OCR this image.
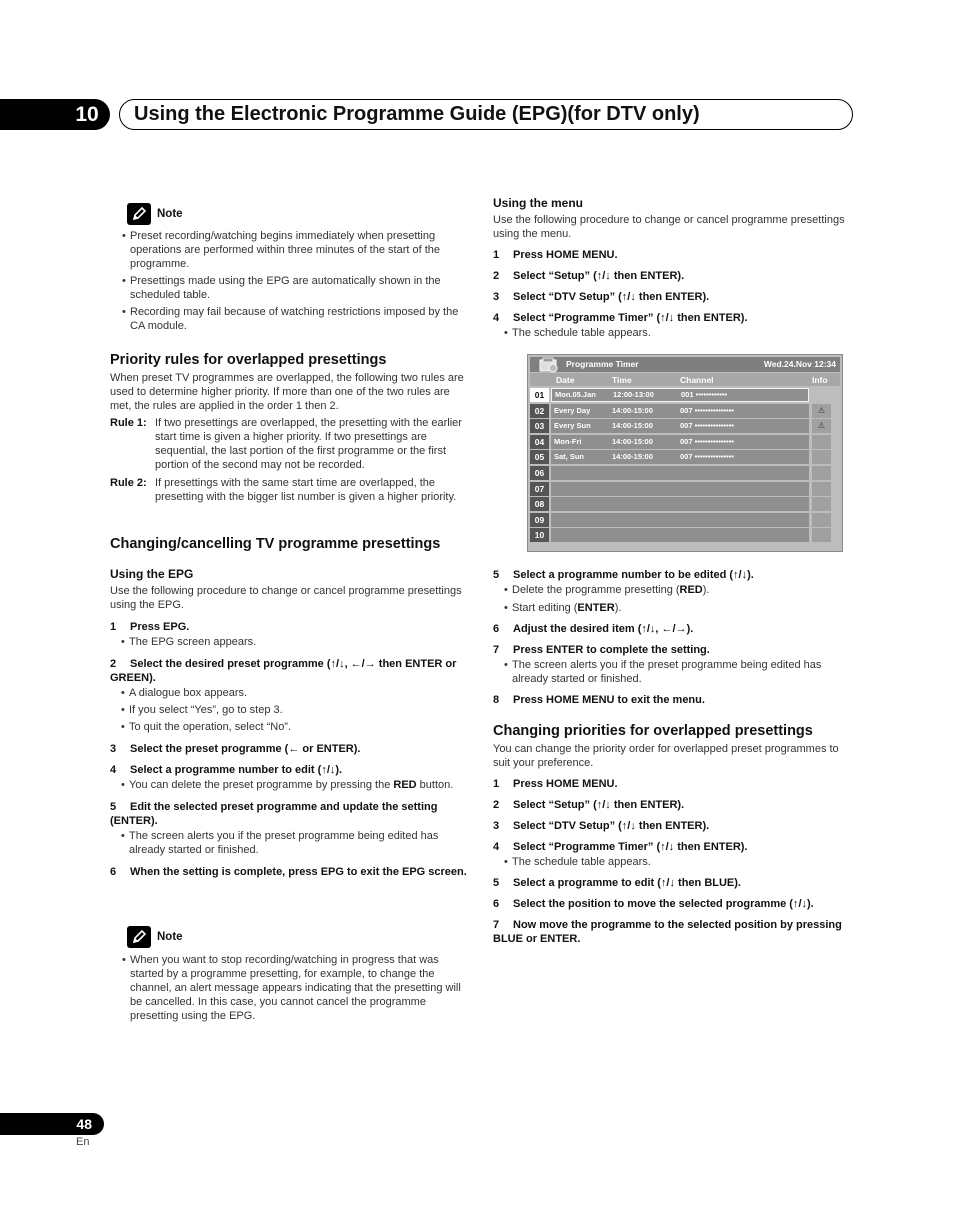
10 Using the Electronic Programme Guide (EPG)(for DTV only)
Note
• Preset recording/watching begins immediately when presetting operations are performed within three minutes of the start of the programme.
• Presettings made using the EPG are automatically shown in the scheduled table.
• Recording may fail because of watching restrictions imposed by the CA module.
Priority rules for overlapped presettings
When preset TV programmes are overlapped, the following two rules are used to determine higher priority. If more than one of the two rules are met, the rules are applied in the order 1 then 2.
Rule 1: If two presettings are overlapped, the presetting with the earlier start time is given a higher priority. If two presettings are sequential, the last portion of the first programme or the first portion of the second may not be recorded.
Rule 2: If presettings with the same start time are overlapped, the presetting with the bigger list number is given a higher priority.
Changing/cancelling TV programme presettings
Using the EPG
Use the following procedure to change or cancel programme presettings using the EPG.
1 Press EPG.
• The EPG screen appears.
2 Select the desired preset programme (↑/↓, ←/→ then ENTER or GREEN).
• A dialogue box appears.
• If you select “Yes”, go to step 3.
• To quit the operation, select “No”.
3 Select the preset programme (← or ENTER).
4 Select a programme number to edit (↑/↓).
• You can delete the preset programme by pressing the RED button.
5 Edit the selected preset programme and update the setting (ENTER).
• The screen alerts you if the preset programme being edited has already started or finished.
6 When the setting is complete, press EPG to exit the EPG screen.
Note
• When you want to stop recording/watching in progress that was started by a programme presetting, for example, to change the channel, an alert message appears indicating that the presetting will be cancelled. In this case, you cannot cancel the programme presetting using the EPG.
Using the menu
Use the following procedure to change or cancel programme presettings using the menu.
1 Press HOME MENU.
2 Select “Setup” (↑/↓ then ENTER).
3 Select “DTV Setup” (↑/↓ then ENTER).
4 Select “Programme Timer” (↑/↓ then ENTER).
• The schedule table appears.
Programme Timer	Wed.24.Nov 12:34
Date	Time	Channel	Info
01	Mon.05.Jan 12:00-13:00	001 ••••••••••••
02	Every Day	14:00-15:00	007 •••••••••••••••	⚠
03	Every Sun	14:00-15:00	007 •••••••••••••••	⚠
04	Mon-Fri	14:00-15:00	007 •••••••••••••••
05	Sat, Sun	14:00-15:00	007 •••••••••••••••
06
07
08
09
10
5 Select a programme number to be edited (↑/↓).
• Delete the programme presetting (RED).
• Start editing (ENTER).
6 Adjust the desired item (↑/↓, ←/→).
7 Press ENTER to complete the setting.
• The screen alerts you if the preset programme being edited has already started or finished.
8 Press HOME MENU to exit the menu.
Changing priorities for overlapped presettings
You can change the priority order for overlapped preset programmes to suit your preference.
1 Press HOME MENU.
2 Select “Setup” (↑/↓ then ENTER).
3 Select “DTV Setup” (↑/↓ then ENTER).
4 Select “Programme Timer” (↑/↓ then ENTER).
• The schedule table appears.
5 Select a programme to edit (↑/↓ then BLUE).
6 Select the position to move the selected programme (↑/↓).
7 Now move the programme to the selected position by pressing BLUE or ENTER.
48
En
